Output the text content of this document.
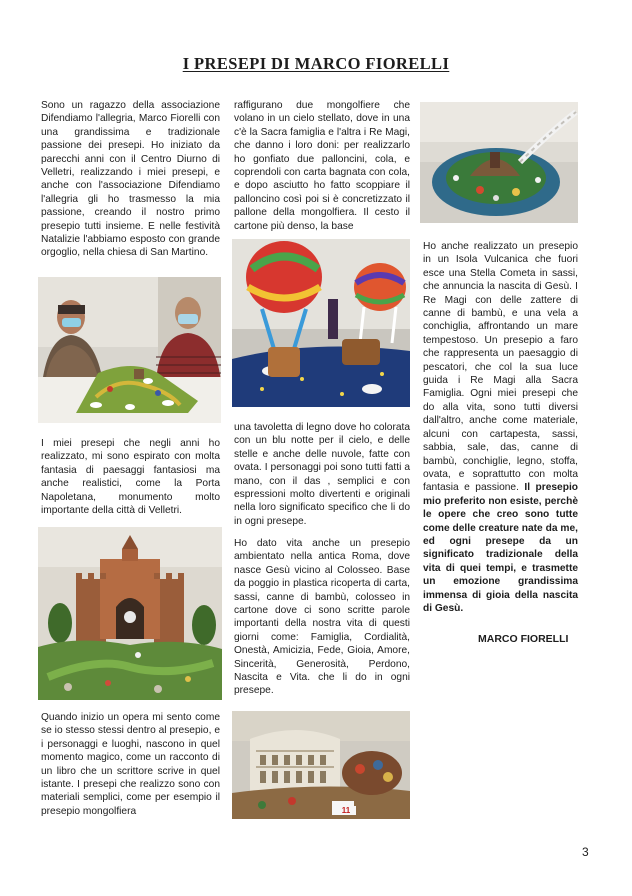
I PRESEPI DI MARCO FIORELLI

Sono un ragazzo della associazione Difendiamo l'allegria, Marco Fiorelli con una grandissima e tradizionale passione dei presepi. Ho iniziato da parecchi anni con il Centro Diurno di Velletri, realizzando i miei presepi, e anche con l'associazione Difendiamo l'allegria gli ho trasmesso la mia passione, creando il nostro primo presepio tutti insieme. E nelle festività Natalizie l'abbiamo esposto con grande orgoglio, nella chiesa di San Martino.

I miei presepi che negli anni ho realizzato, mi sono espirato con molta fantasia di paesaggi fantasiosi ma anche realistici, come la Porta Napoletana, monumento molto importante della città di Velletri.

Quando inizio un opera mi sento come se io stesso stessi dentro al presepio, e i personaggi e luoghi, nascono in quel momento magico, come un racconto di un libro che un scrittore scrive in quel istante. I presepi che realizzo sono con materiali semplici, come per esempio il presepio mongolfiera

raffigurano due mongolfiere che volano in un cielo stellato, dove in una c'è la Sacra famiglia e l'altra i Re Magi, che danno i loro doni: per realizzarlo ho gonfiato due palloncini, cola, e coprendoli con carta bagnata con cola, e dopo asciutto ho fatto scoppiare il palloncino così poi si è concretizzato il pallone della mongolfiera. Il cesto il cartone più denso, la base

una tavoletta di legno dove ho colorata con un blu notte per il cielo, e delle stelle e anche delle nuvole, fatte con ovata. I personaggi poi sono tutti fatti a mano, con il das , semplici e con espressioni molto divertenti e originali nella loro significato specifico che li do in ogni presepe.

Ho dato vita anche un presepio ambientato nella antica Roma, dove nasce Gesù vicino al Colosseo. Base da poggio in plastica ricoperta di carta, sassi, canne di bambù, colosseo in cartone dove ci sono scritte parole importanti della nostra vita di questi giorni come: Famiglia, Cordialità, Onestà, Amicizia, Fede, Gioia, Amore, Sincerità, Generosità, Perdono, Nascita e Vita. che li do in ogni presepe.

11

Ho anche realizzato un presepio in un Isola Vulcanica che fuori esce una Stella Cometa in sassi, che annuncia la nascita di Gesù. I Re Magi con delle zattere di canne di bambù, e una vela a conchiglia, affrontando un mare tempestoso. Un presepio a faro che rappresenta un paesaggio di pescatori, che col la sua luce guida i Re Magi alla Sacra Famiglia. Ogni miei presepi che do alla vita, sono tutti diversi dall'altro, anche come materiale, alcuni con cartapesta, sassi, sabbia, sale, das, canne di bambù, conchiglie, legno, stoffa, ovata, e soprattutto con molta fantasia e passione. Il presepio mio preferito non esiste, perchè le opere che creo sono tutte come delle creature nate da me, ed ogni presepe da un significato tradizionale della vita di quei tempi, e trasmette un emozione grandissima immensa di gioia della nascita di Gesù.

MARCO FIORELLI
3
